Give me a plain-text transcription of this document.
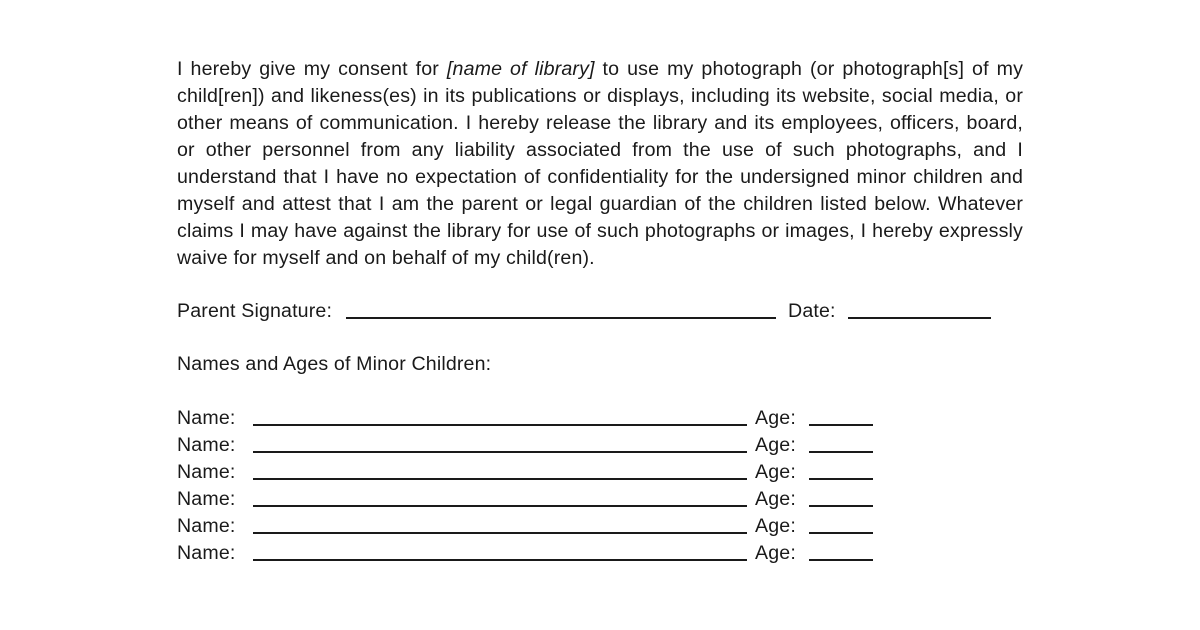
I hereby give my consent for [name of library] to use my photograph (or photograph[s] of my child[ren]) and likeness(es) in its publications or displays, including its website, social media, or other means of communication. I hereby release the library and its employees, officers, board, or other personnel from any liability associated from the use of such photographs, and I understand that I have no expectation of confidentiality for the undersigned minor children and myself and attest that I am the parent or legal guardian of the children listed below. Whatever claims I may have against the library for use of such photographs or images, I hereby expressly waive for myself and on behalf of my child(ren).

Parent Signature:	Date:
Names and Ages of Minor Children:
Name:	Age:
Name:	Age:
Name:	Age:
Name:	Age:
Name:	Age:
Name:	Age:
